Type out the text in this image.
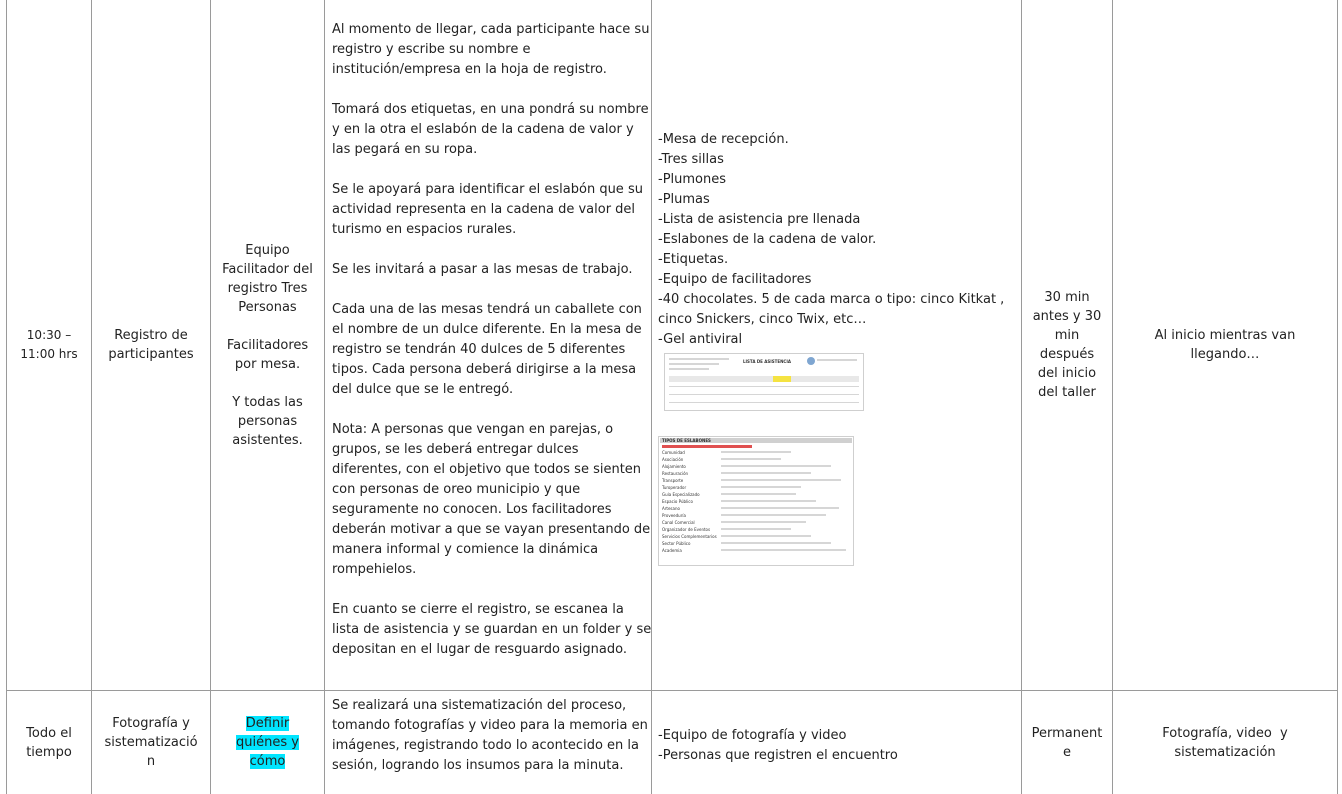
10:30 –
11:00 hrs
Registro de
participantes
Equipo
Facilitador del
registro Tres
Personas

Facilitadores
por mesa.

Y todas las
personas
asistentes.

Al momento de llegar, cada participante hace su registro y escribe su nombre e institución/empresa en la hoja de registro.

Tomará dos etiquetas, en una pondrá su nombre y en la otra el eslabón de la cadena de valor y las pegará en su ropa.

Se le apoyará para identificar el eslabón que su actividad representa en la cadena de valor del turismo en espacios rurales.

Se les invitará a pasar a las mesas de trabajo.

Cada una de las mesas tendrá un caballete con el nombre de un dulce diferente. En la mesa de registro se tendrán 40 dulces de 5 diferentes tipos. Cada persona deberá dirigirse a la mesa del dulce que se le entregó.

Nota: A personas que vengan en parejas, o grupos, se les deberá entregar dulces diferentes, con el objetivo que todos se sienten con personas de oreo municipio y que seguramente no conocen. Los facilitadores deberán motivar a que se vayan presentando de manera informal y comience la dinámica rompehielos.

En cuanto se cierre el registro, se escanea la lista de asistencia y se guardan en un folder y se depositan en el lugar de resguardo asignado.

-Mesa de recepción.
-Tres sillas
-Plumones
-Plumas
-Lista de asistencia pre llenada
-Eslabones de la cadena de valor.
-Etiquetas.
-Equipo de facilitadores
-40 chocolates. 5 de cada marca o tipo: cinco Kitkat ,
cinco Snickers, cinco Twix, etc…
-Gel antiviral
LISTA DE ASISTENCIA
TIPOS DE ESLABONES
Comunidad
Asociación
Alojamiento
Restauración
Transporte
Turoperador
Guía Especializado
Espacio Público
Artesano
Proveeduría
Canal Comercial
Organizador de Eventos
Servicios Complementarios
Sector Público
Academia
30 min
antes y 30
min
después
del inicio
del taller
Al inicio mientras van
llegando…
Todo el
tiempo
Fotografía y
sistematizació
n
Definir
quiénes y
cómo

Se realizará una sistematización del proceso, tomando fotografías y video para la memoria en imágenes, registrando todo lo acontecido en la sesión, logrando los insumos para la minuta.

-Equipo de fotografía y video
-Personas que registren el encuentro
Permanent
e
Fotografía, video  y
sistematización
